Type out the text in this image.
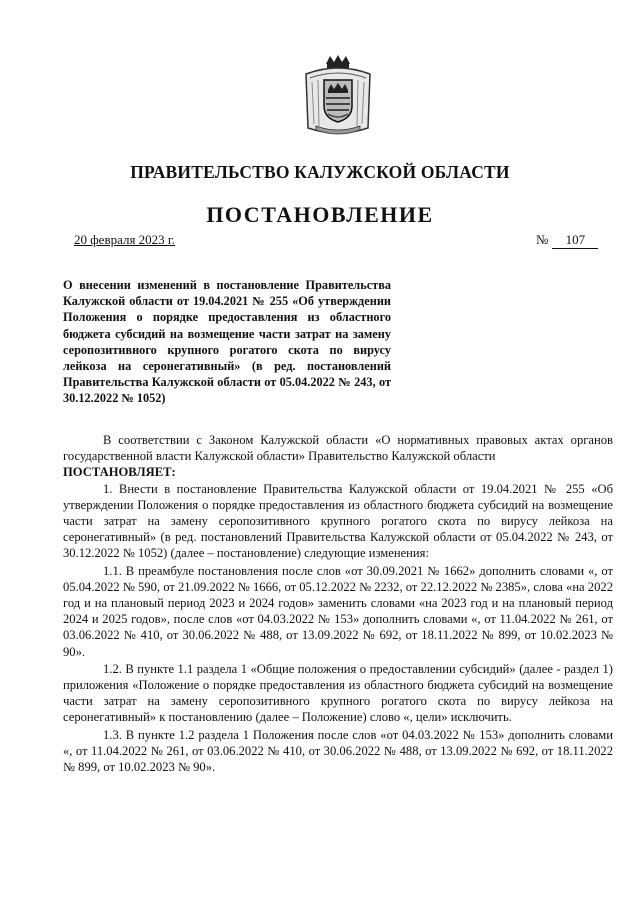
ПРАВИТЕЛЬСТВО КАЛУЖСКОЙ ОБЛАСТИ
ПОСТАНОВЛЕНИЕ
20 февраля 2023 г.	№ 107
О внесении изменений в постановление Правительства Калужской области от 19.04.2021 № 255 «Об утверждении Положения о порядке предоставления из областного бюджета субсидий на возмещение части затрат на замену серопозитивного крупного рогатого скота по вирусу лейкоза на серонегативный» (в ред. постановлений Правительства Калужской области от 05.04.2022 № 243, от 30.12.2022 № 1052)

В соответствии с Законом Калужской области «О нормативных правовых актах органов государственной власти Калужской области» Правительство Калужской области

ПОСТАНОВЛЯЕТ:

1. Внести в постановление Правительства Калужской области от 19.04.2021 № 255 «Об утверждении Положения о порядке предоставления из областного бюджета субсидий на возмещение части затрат на замену серопозитивного крупного рогатого скота по вирусу лейкоза на серонегативный» (в ред. постановлений Правительства Калужской области от 05.04.2022 № 243, от 30.12.2022 № 1052) (далее – постановление) следующие изменения:

1.1. В преамбуле постановления после слов «от 30.09.2021 № 1662» дополнить словами «, от 05.04.2022 № 590, от 21.09.2022 № 1666, от 05.12.2022 № 2232, от 22.12.2022 № 2385», слова «на 2022 год и на плановый период 2023 и 2024 годов» заменить словами «на 2023 год и на плановый период 2024 и 2025 годов», после слов «от 04.03.2022 № 153» дополнить словами «, от 11.04.2022 № 261, от 03.06.2022 № 410, от 30.06.2022 № 488, от 13.09.2022 № 692, от 18.11.2022 № 899, от 10.02.2023 № 90».

1.2. В пункте 1.1 раздела 1 «Общие положения о предоставлении субсидий» (далее - раздел 1) приложения «Положение о порядке предоставления из областного бюджета субсидий на возмещение части затрат на замену серопозитивного крупного рогатого скота по вирусу лейкоза на серонегативный» к постановлению (далее – Положение) слово «, цели» исключить.

1.3. В пункте 1.2 раздела 1 Положения после слов «от 04.03.2022 № 153» дополнить словами «, от 11.04.2022 № 261, от 03.06.2022 № 410, от 30.06.2022 № 488, от 13.09.2022 № 692, от 18.11.2022 № 899, от 10.02.2023 № 90».
